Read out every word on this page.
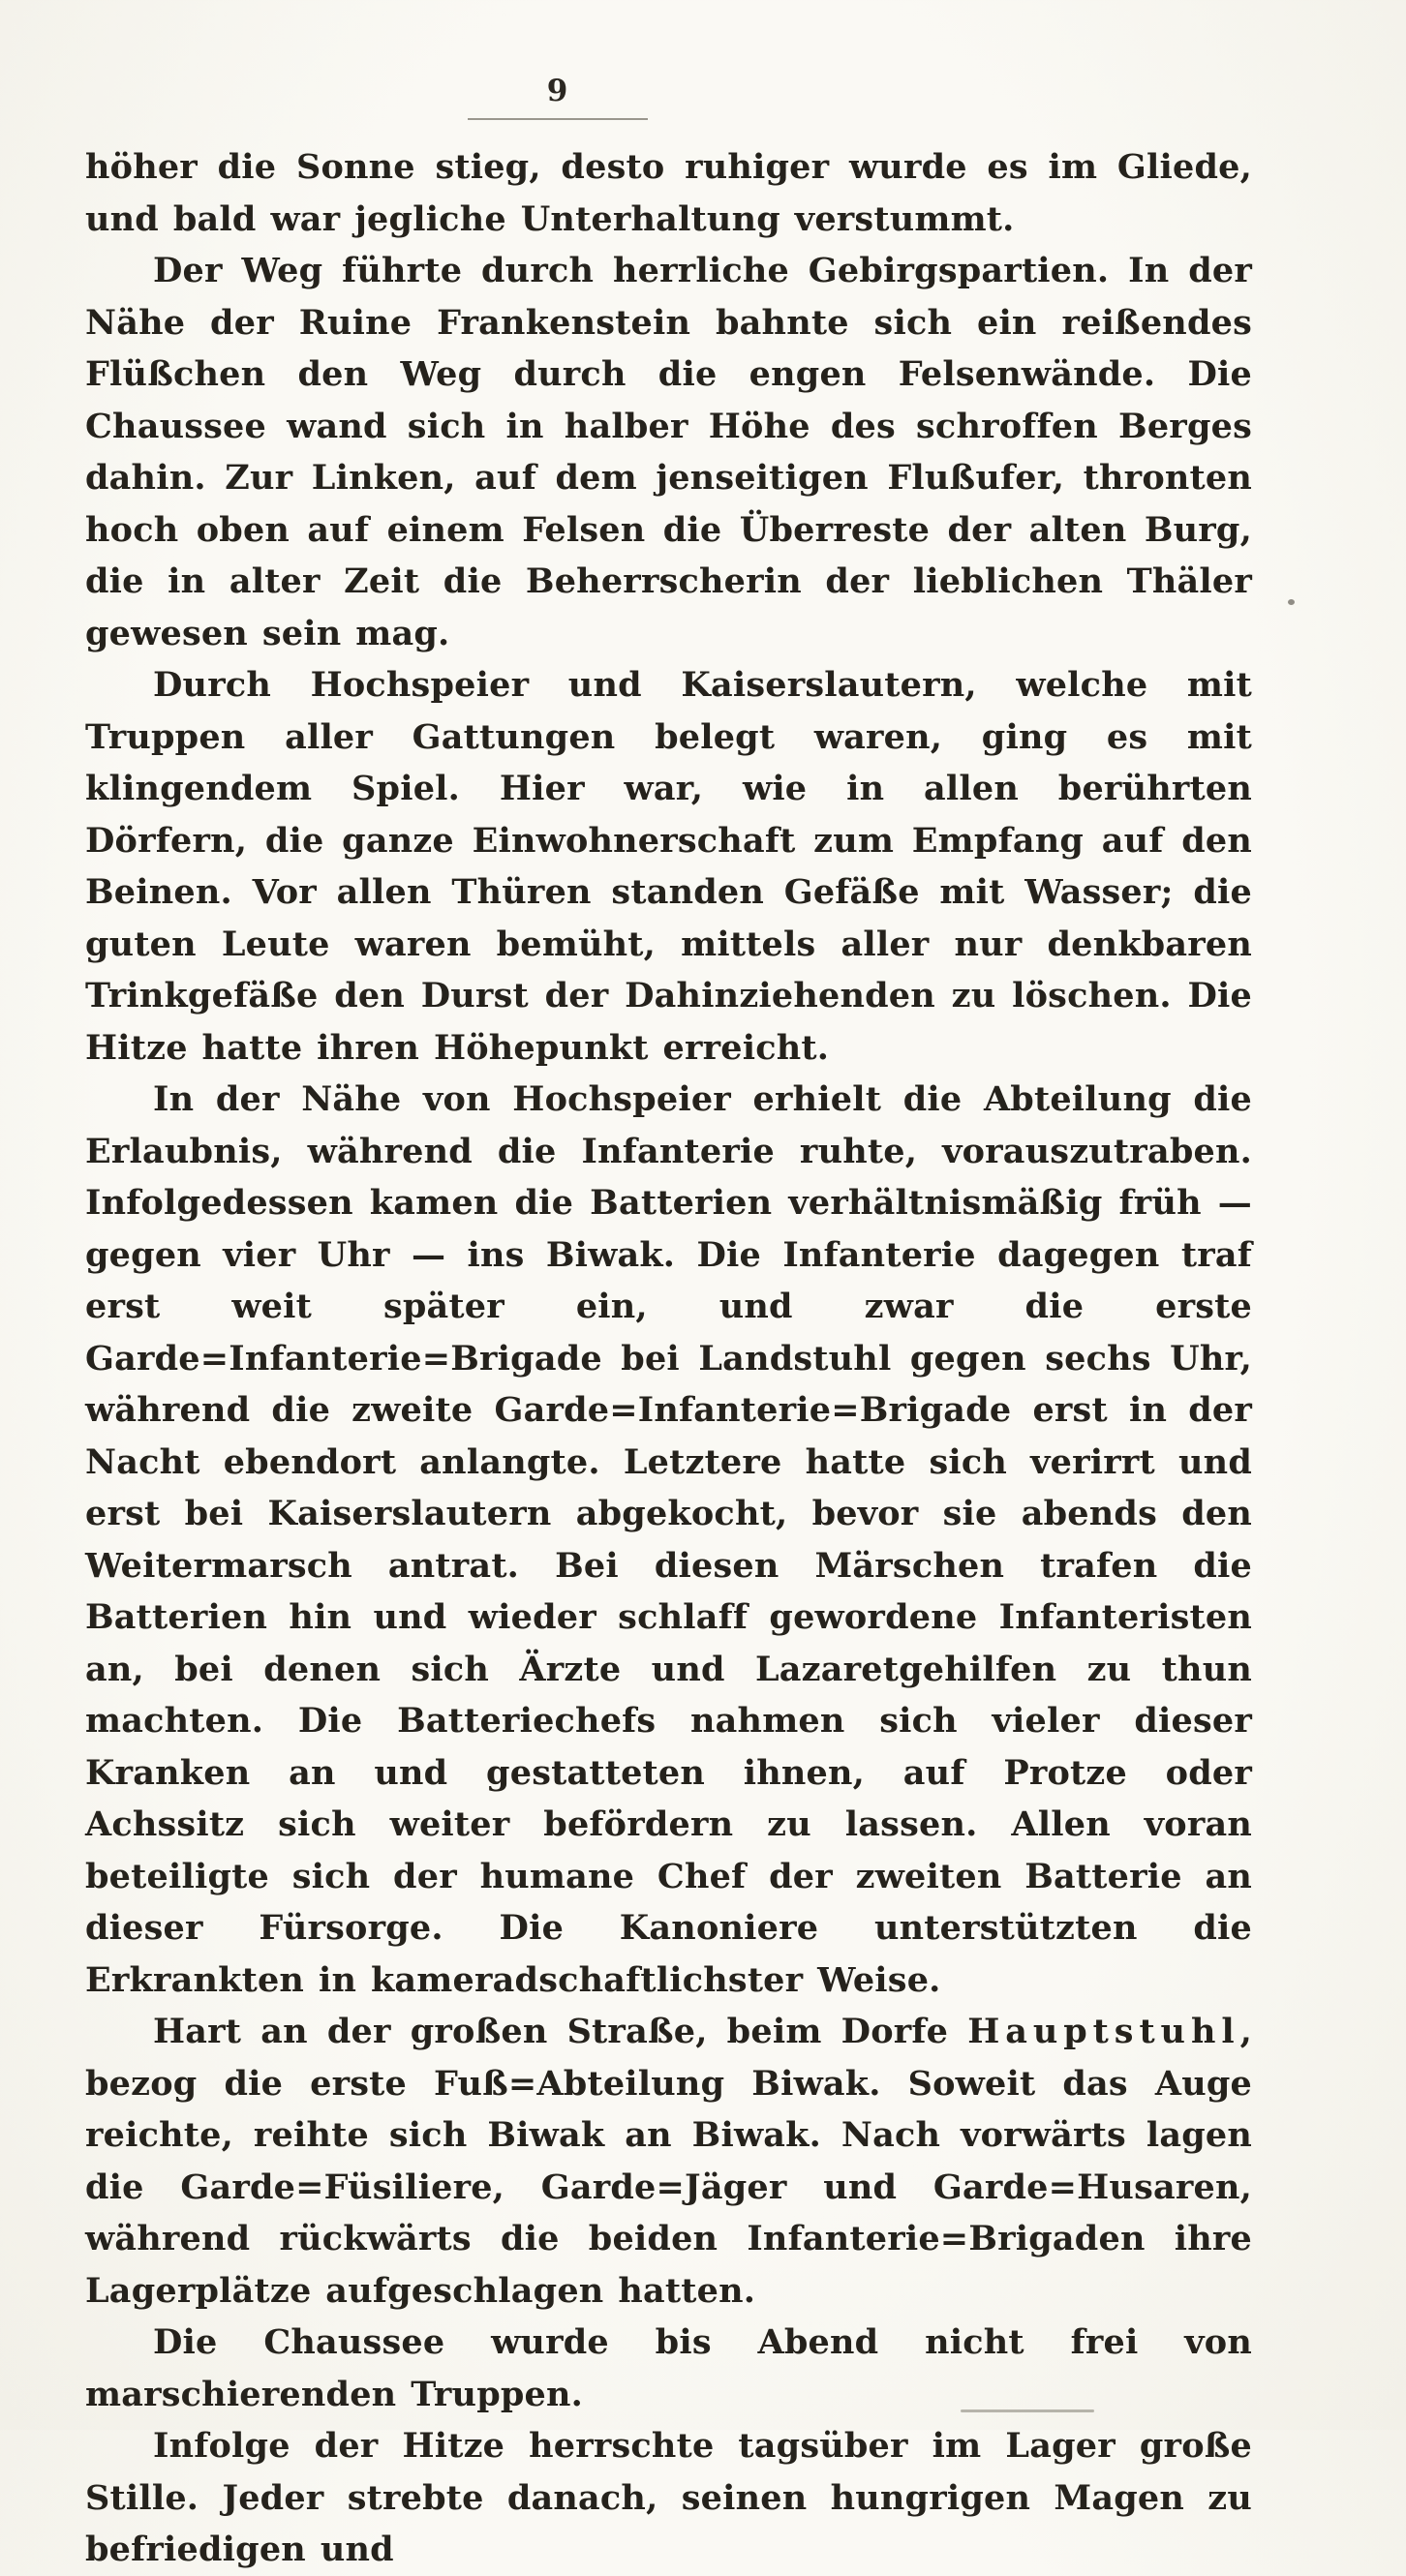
9

höher die Sonne stieg, desto ruhiger wurde es im Gliede, und bald war jegliche Unterhaltung verstummt.

Der Weg führte durch herrliche Gebirgspartien. In der Nähe der Ruine Frankenstein bahnte sich ein reißendes Flüßchen den Weg durch die engen Felsenwände. Die Chaussee wand sich in halber Höhe des schroffen Berges dahin. Zur Linken, auf dem jenseitigen Flußufer, thronten hoch oben auf einem Felsen die Überreste der alten Burg, die in alter Zeit die Beherrscherin der lieblichen Thäler gewesen sein mag.

Durch Hochspeier und Kaiserslautern, welche mit Truppen aller Gattungen belegt waren, ging es mit klingendem Spiel. Hier war, wie in allen berührten Dörfern, die ganze Einwohnerschaft zum Empfang auf den Beinen. Vor allen Thüren standen Gefäße mit Wasser; die guten Leute waren bemüht, mittels aller nur denkbaren Trinkgefäße den Durst der Dahinziehenden zu löschen. Die Hitze hatte ihren Höhepunkt erreicht.

In der Nähe von Hochspeier erhielt die Abteilung die Erlaubnis, während die Infanterie ruhte, vorauszutraben. Infolgedessen kamen die Batterien verhältnismäßig früh — gegen vier Uhr — ins Biwak. Die Infanterie dagegen traf erst weit später ein, und zwar die erste Garde=Infanterie=Brigade bei Landstuhl gegen sechs Uhr, während die zweite Garde=Infanterie=Brigade erst in der Nacht ebendort anlangte. Letztere hatte sich verirrt und erst bei Kaiserslautern abgekocht, bevor sie abends den Weitermarsch antrat. Bei diesen Märschen trafen die Batterien hin und wieder schlaff gewordene Infanteristen an, bei denen sich Ärzte und Lazaretgehilfen zu thun machten. Die Batteriechefs nahmen sich vieler dieser Kranken an und gestatteten ihnen, auf Protze oder Achssitz sich weiter befördern zu lassen. Allen voran beteiligte sich der humane Chef der zweiten Batterie an dieser Fürsorge. Die Kanoniere unterstützten die Erkrankten in kameradschaftlichster Weise.

Hart an der großen Straße, beim Dorfe Hauptstuhl, bezog die erste Fuß=Abteilung Biwak. Soweit das Auge reichte, reihte sich Biwak an Biwak. Nach vorwärts lagen die Garde=Füsiliere, Garde=Jäger und Garde=Husaren, während rückwärts die beiden Infanterie=Brigaden ihre Lagerplätze aufgeschlagen hatten.

Die Chaussee wurde bis Abend nicht frei von marschierenden Truppen.

Infolge der Hitze herrschte tagsüber im Lager große Stille. Jeder strebte danach, seinen hungrigen Magen zu befriedigen und
